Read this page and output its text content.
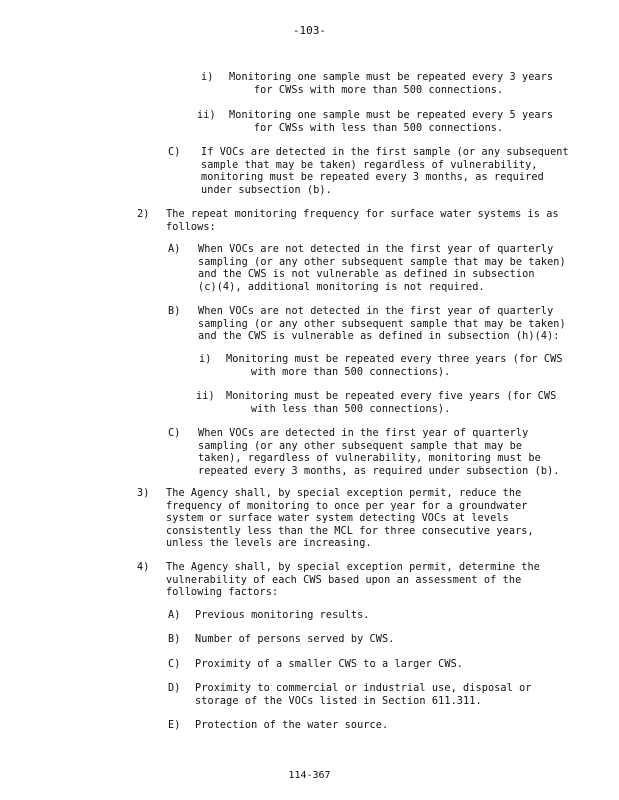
-103-
i) Monitoring one sample must be repeated every 3 years
for CWSs with more than 500 connections.
ii) Monitoring one sample must be repeated every 5 years
for CWSs with less than 500 connections.
C) If VOCs are detected in the first sample (or any subsequent
sample that may be taken) regardless of vulnerability,
monitoring must be repeated every 3 months, as required
under subsection (b).
2) The repeat monitoring frequency for surface water systems is as
follows:
A) When VOCs are not detected in the first year of quarterly
sampling (or any other subsequent sample that may be taken)
and the CWS is not vulnerable as defined in subsection
(c)(4), additional monitoring is not required.
B) When VOCs are not detected in the first year of quarterly
sampling (or any other subsequent sample that may be taken)
and the CWS is vulnerable as defined in subsection (h)(4):
i) Monitoring must be repeated every three years (for CWS
with more than 500 connections).
ii) Monitoring must be repeated every five years (for CWS
with less than 500 connections).
C) When VOCs are detected in the first year of quarterly
sampling (or any other subsequent sample that may be
taken), regardless of vulnerability, monitoring must be
repeated every 3 months, as required under subsection (b).
3) The Agency shall, by special exception permit, reduce the
frequency of monitoring to once per year for a groundwater
system or surface water system detecting VOCs at levels
consistently less than the MCL for three consecutive years,
unless the levels are increasing.
4) The Agency shall, by special exception permit, determine the
vulnerability of each CWS based upon an assessment of the
following factors:
A) Previous monitoring results.
B) Number of persons served by CWS.
C) Proximity of a smaller CWS to a larger CWS.
D) Proximity to commercial or industrial use, disposal or
storage of the VOCs listed in Section 611.311.
E) Protection of the water source.
114-367
